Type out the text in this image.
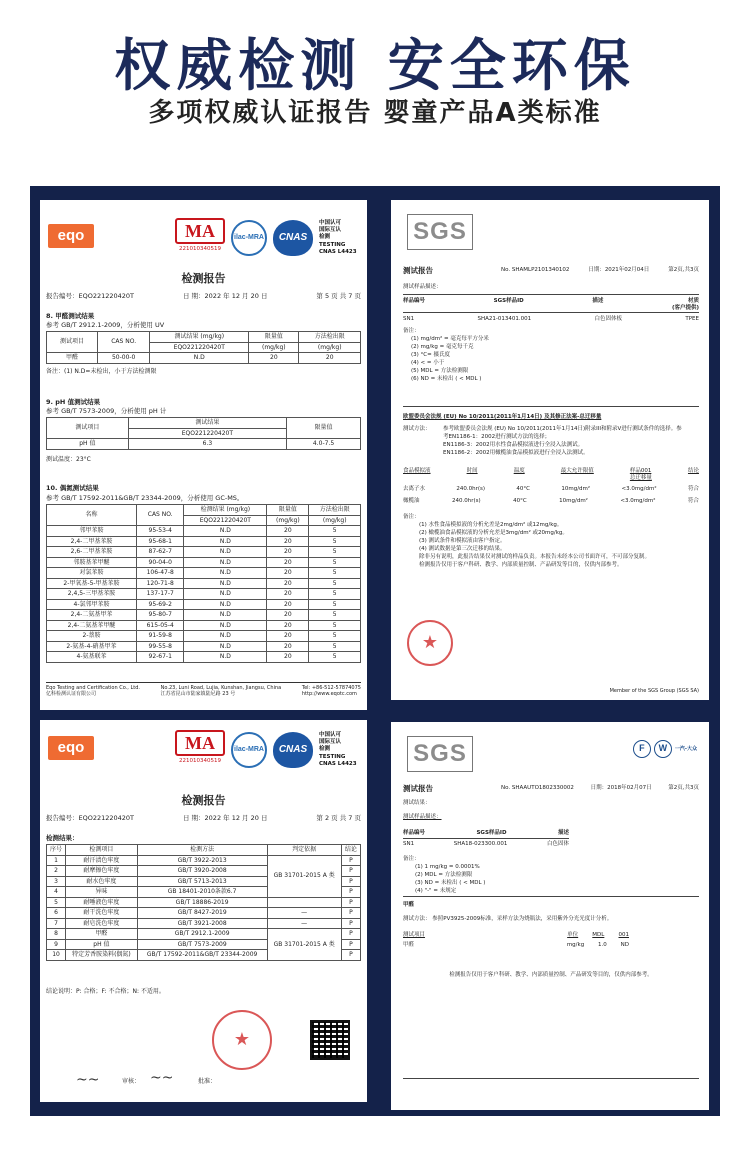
权威检测 安全环保
多项权威认证报告 婴童产品A类标准
eqo	MA
221010340519
ilac-MRA	CNAS
中国认可
国际互认
检测
TESTING
CNAS L4423
检测报告
报告编号：EQO221220420T	日 期：2022 年 12 月 20 日	第 5 页 共 7 页
8. 甲醛测试结果
参考 GB/T 2912.1-2009，分析使用 UV
测试项目	CAS NO.	测试结果 (mg/kg)	限量值	方法检出限
		EQO221220420T	(mg/kg)	(mg/kg)
甲醛	50-00-0	N.D	20	20
备注：(1) N.D=未检出，小于方法检测限
9. pH 值测试结果
参考 GB/T 7573-2009，分析使用 pH 计
测试项目	测试结果	限量值
	EQO221220420T	
pH 值	6.3	4.0-7.5
测试温度：23°C
10. 偶氮测试结果
参考 GB/T 17592-2011&GB/T 23344-2009，分析使用 GC-MS。
名称	CAS NO.	检测结果 (mg/kg)	限量值	方法检出限
		EQO221220420T	(mg/kg)	(mg/kg)
邻甲苯胺	95-53-4	N.D	20	5
2,4-二甲基苯胺	95-68-1	N.D	20	5
2,6-二甲基苯胺	87-62-7	N.D	20	5
邻胺基苯甲醚	90-04-0	N.D	20	5
对氯苯胺	106-47-8	N.D	20	5
2-甲氧基-5-甲基苯胺	120-71-8	N.D	20	5
2,4,5-三甲基苯胺	137-17-7	N.D	20	5
4-氯邻甲苯胺	95-69-2	N.D	20	5
2,4-二氨基甲苯	95-80-7	N.D	20	5
2,4-二氨基苯甲醚	615-05-4	N.D	20	5
2-萘胺	91-59-8	N.D	20	5
2-氨基-4-硝基甲苯	99-55-8	N.D	20	5
4-氨基联苯	92-67-1	N.D	20	5
Eqo Testing and Certification Co., Ltd.
亿科检测认证有限公司
No.23, Luni Road, Lujia, Kunshan, Jiangsu, China
江苏省昆山市陆家镇陆尼路 23 号
Tel: +86-512-57874075
http://www.eqotc.com
SGS
测试报告	No. SHAMLP2101340102	日期：2021年02月04日	第2页,共3页
测试样品描述：
样品编号	SGS样品ID	描述	材质
(客户提供)
SN1	SHA21-013401.001	白色固体板	TPEE
备注：
(1) mg/dm² = 毫克每平方分米
(2) mg/kg = 毫克每千克
(3) °C= 摄氏度
(4) < = 小于
(5) MDL = 方法检测限
(6) ND = 未检出 ( < MDL )
欧盟委员会法规 (EU) No 10/2011(2011年1月14日) 及其修正法案-总迁移量
测试方法：	参考欧盟委员会法规 (EU) No 10/2011(2011年1月14日)附录III和附录V进行测试条件的选择。参
考EN1186-1：2002进行测试方法的选择；
EN1186-3：2002用水性食品模拟液进行全浸入法测试。
EN1186-2：2002用橄榄油食品模拟液进行全浸入法测试。
食品模拟液	时间	温度	最大允许限值	样品001
总迁移量
结论
去离子水	240.0hr(s)	40°C	10mg/dm²	<3.0mg/dm²	符合
橄榄油	240.0hr(s)	40°C	10mg/dm²	<3.0mg/dm²	符合
备注：
(1) 水性食品模拟液的分析允差是2mg/dm² 或12mg/kg。
(2) 橄榄油食品模拟液的分析允差是3mg/dm² 或20mg/kg。
(3) 测试条件和模拟液由客户指定。
(4) 测试数据是第三次迁移的结果。
除非另有说明，此报告结果仅对测试的样品负责。本报告未经本公司书面许可，不可部分复制。
检测报告仅用于客户科研、教学、内部质量控制、产品研发等目的，仅供内部参考。
★
Member of the SGS Group (SGS SA)
eqo	MA
221010340519
ilac-MRA	CNAS
中国认可
国际互认
检测
TESTING
CNAS L4423
检测报告
报告编号：EQO221220420T	日 期：2022 年 12 月 20 日	第 2 页 共 7 页
检测结果：
序号	检测项目	检测方法	判定依据	结论
1	耐汗渍色牢度	GB/T 3922-2013	GB 31701-2015 A 类	P
2	耐摩擦色牢度	GB/T 3920-2008		P
3	耐水色牢度	GB/T 5713-2013		P
4	异味	GB 18401-2010条款6.7		P
5	耐唾液色牢度	GB/T 18886-2019		P
6	耐干洗色牢度	GB/T 8427-2019	—	P
7	耐皂洗色牢度	GB/T 3921-2008	—	P
8	甲醛	GB/T 2912.1-2009	GB 31701-2015 A 类	P
9	pH 值	GB/T 7573-2009		P
10	特定芳香胺染料(偶氮)	GB/T 17592-2011&GB/T 23344-2009		P
结论说明：P: 合格；F: 不合格；N: 不适用。
★
~~	审核： ~~	批准：
SGS	F	W	一汽-大众
测试报告	No. SHAAUTO1802330002	日期：2018年02月07日	第2页,共3页
测试结果：
测试样品描述：
样品编号	SGS样品ID	描述
SN1	SHA18-023300.001	白色固体
备注：
(1) 1 mg/kg = 0.0001%
(2) MDL = 方法检测限
(3) ND = 未检出 ( < MDL )
(4) "-" = 未规定
甲醛
测试方法： 参照PV3925-2009标准，采样方法为烧瓶法，采用紫外分光光度计分析。
测试项目	单位	MDL	001
甲醛	mg/kg	1.0	ND
检测报告仅用于客户科研、教学、内部质量控制、产品研发等目的，仅供内部参考。
